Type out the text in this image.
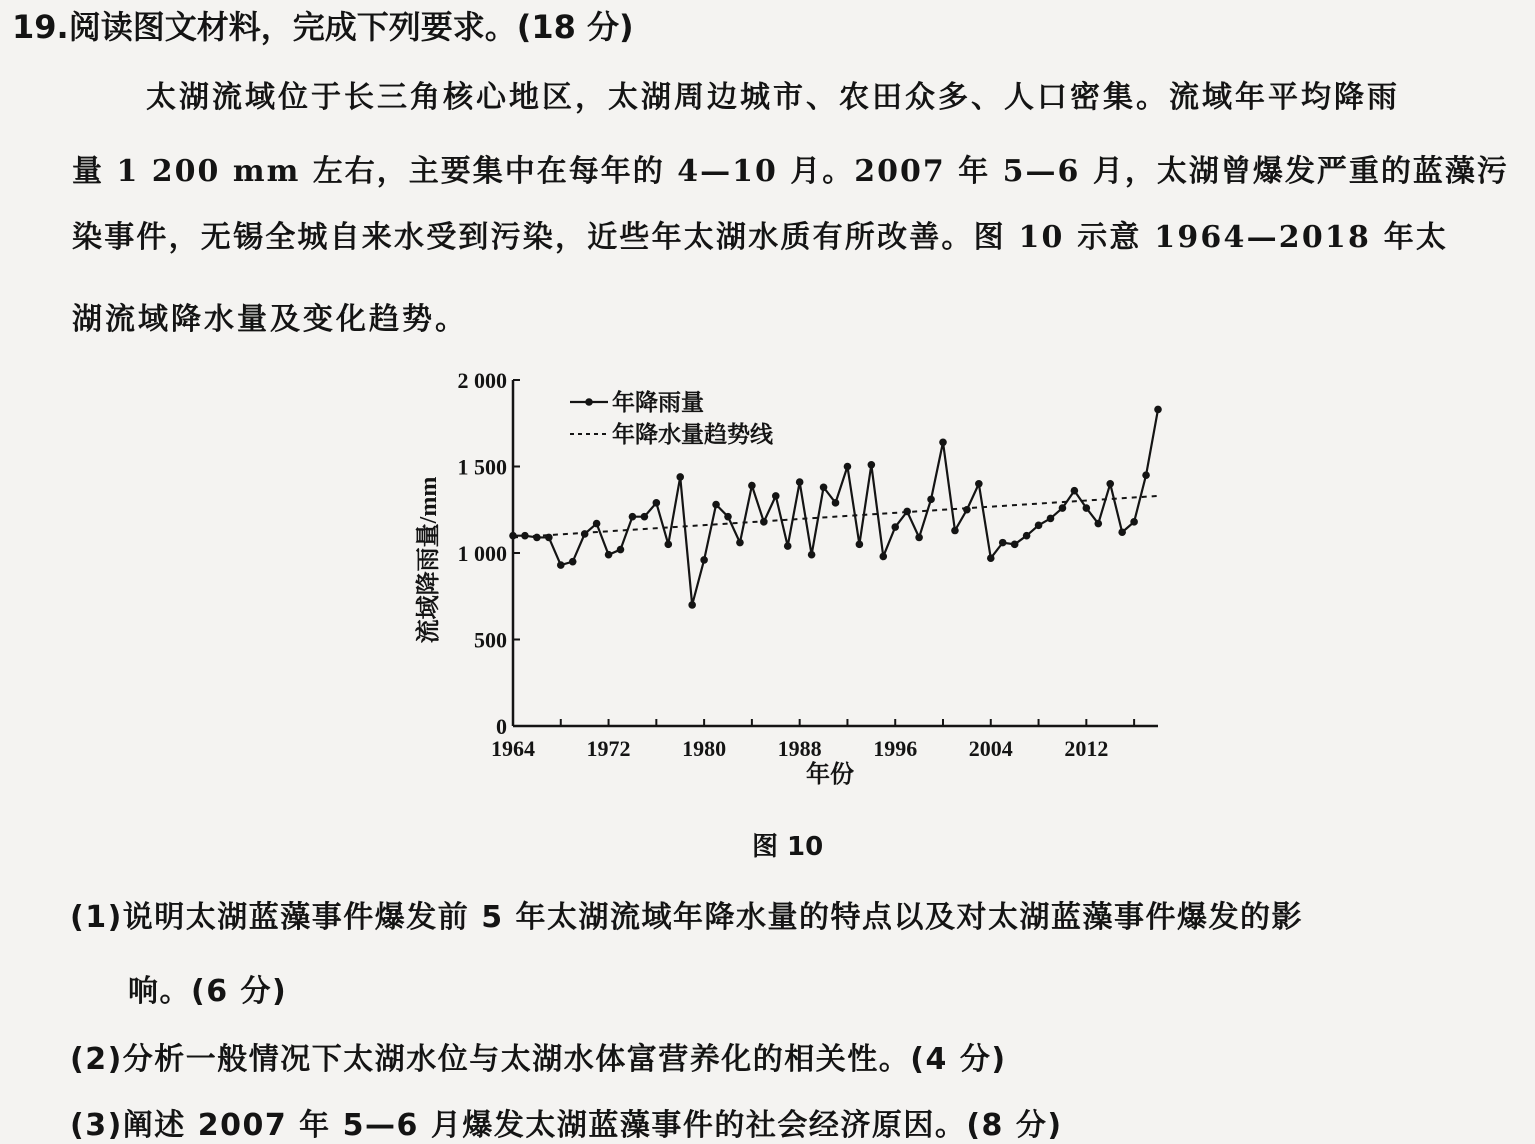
19.阅读图文材料，完成下列要求。(18 分)
太湖流域位于长三角核心地区，太湖周边城市、农田众多、人口密集。流域年平均降雨
量 1 200 mm 左右，主要集中在每年的 4—10 月。2007 年 5—6 月，太湖曾爆发严重的蓝藻污
染事件，无锡全城自来水受到污染，近些年太湖水质有所改善。图 10 示意 1964—2018 年太
湖流域降水量及变化趋势。
0
500
1 000
1 500
2 000
1964 1972 1980 1988 1996 2004 2012
年降雨量
年降水量趋势线
年份
流域降雨量/mm
图 10
(1)说明太湖蓝藻事件爆发前 5 年太湖流域年降水量的特点以及对太湖蓝藻事件爆发的影
响。(6 分)
(2)分析一般情况下太湖水位与太湖水体富营养化的相关性。(4 分)
(3)阐述 2007 年 5—6 月爆发太湖蓝藻事件的社会经济原因。(8 分)
